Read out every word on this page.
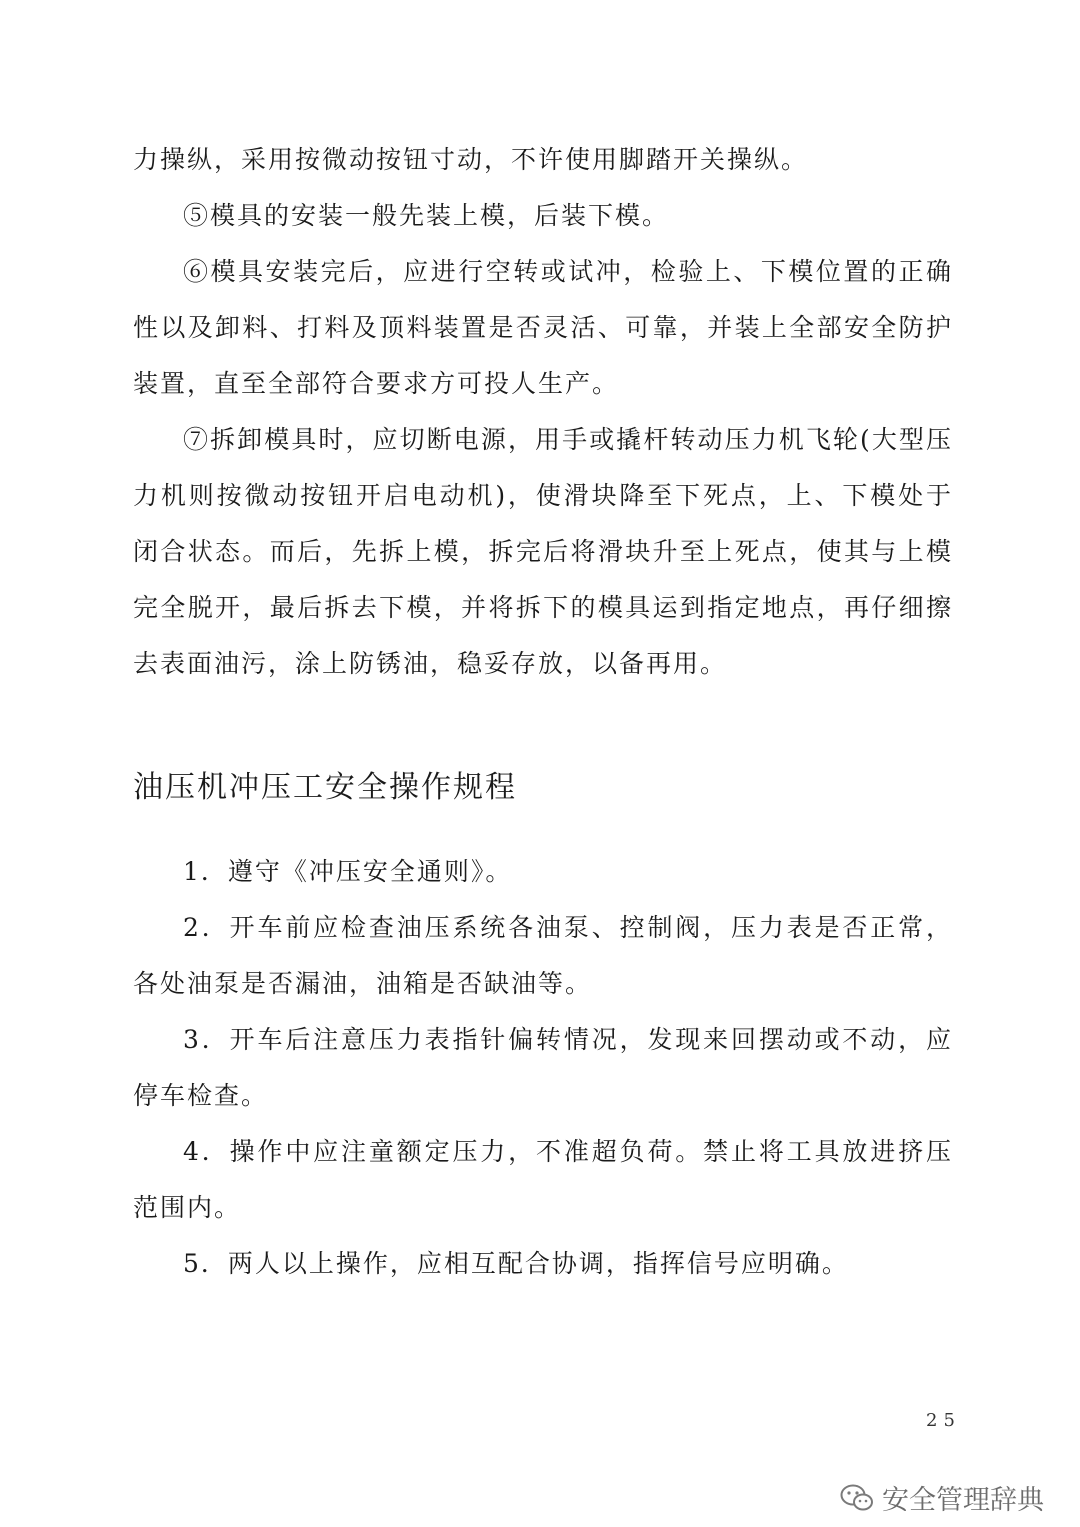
力操纵，采用按微动按钮寸动，不许使用脚踏开关操纵。

⑤模具的安装一般先装上模，后装下模。

⑥模具安装完后，应进行空转或试冲，检验上、下模位置的正确性以及卸料、打料及顶料装置是否灵活、可靠，并装上全部安全防护装置，直至全部符合要求方可投人生产。

⑦拆卸模具时，应切断电源，用手或撬杆转动压力机飞轮(大型压力机则按微动按钮开启电动机)，使滑块降至下死点，上、下模处于闭合状态。而后，先拆上模，拆完后将滑块升至上死点，使其与上模完全脱开，最后拆去下模，并将拆下的模具运到指定地点，再仔细擦去表面油污，涂上防锈油，稳妥存放，以备再用。

油压机冲压工安全操作规程

1．遵守《冲压安全通则》。

2．开车前应检查油压系统各油泵、控制阀，压力表是否正常，各处油泵是否漏油，油箱是否缺油等。

3．开车后注意压力表指针偏转情况，发现来回摆动或不动，应停车检查。

4．操作中应注童额定压力，不准超负荷。禁止将工具放进挤压范围内。

5．两人以上操作，应相互配合协调，指挥信号应明确。

25
安全管理辞典
